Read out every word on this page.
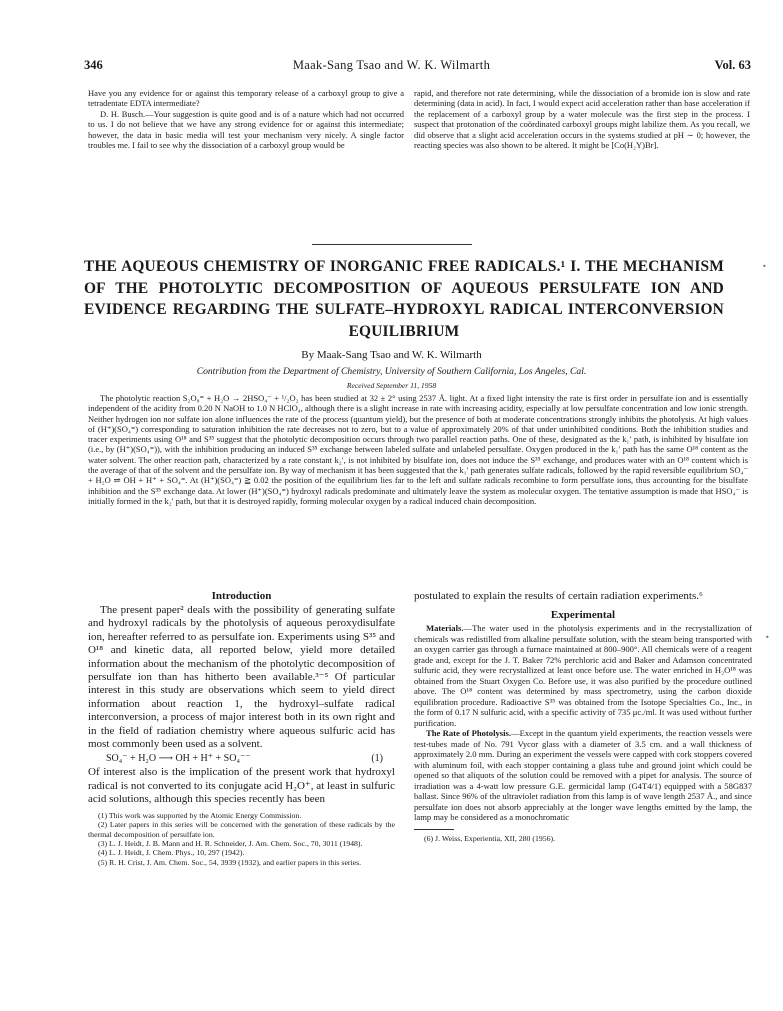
346	Maak-Sang Tsao and W. K. Wilmarth	Vol. 63

Have you any evidence for or against this temporary release of a carboxyl group to give a tetradentate EDTA intermediate?

D. H. Busch.—Your suggestion is quite good and is of a nature which had not occurred to us. I do not believe that we have any strong evidence for or against this intermediate; however, the data in basic media will test your mechanism very nicely. A single factor troubles me. I fail to see why the dissociation of a carboxyl group would be

rapid, and therefore not rate determining, while the dissociation of a bromide ion is slow and rate determining (data in acid). In fact, I would expect acid acceleration rather than base acceleration if the replacement of a carboxyl group by a water molecule was the first step in the process. I suspect that protonation of the coördinated carboxyl groups might labilize them. As you recall, we did observe that a slight acid acceleration occurs in the systems studied at pH ∼ 0; however, the reacting species was also shown to be altered. It might be [Co(H₂Y)Br].

THE AQUEOUS CHEMISTRY OF INORGANIC FREE RADICALS.¹ I. THE MECHANISM OF THE PHOTOLYTIC DECOMPOSITION OF AQUEOUS PERSULFATE ION AND EVIDENCE REGARDING THE SULFATE–HYDROXYL RADICAL INTERCONVERSION EQUILIBRIUM
By Maak-Sang Tsao and W. K. Wilmarth
Contribution from the Department of Chemistry, University of Southern California, Los Angeles, Cal.
Received September 11, 1958

The photolytic reaction S₂O₈⁼ + H₂O → 2HSO₄⁻ + ¹/₂O₂ has been studied at 32 ± 2° using 2537 Å. light. At a fixed light intensity the rate is first order in persulfate ion and is essentially independent of the acidity from 0.20 N NaOH to 1.0 N HClO₄, although there is a slight increase in rate with increasing acidity, especially at low persulfate concentration and low ionic strength. Neither hydrogen ion nor sulfate ion alone influences the rate of the process (quantum yield), but the presence of both at moderate concentrations strongly inhibits the photolysis. At high values of (H⁺)(SO₄⁼) corresponding to saturation inhibition the rate decreases not to zero, but to a value of approximately 20% of that under uninhibited conditions. Both the inhibition studies and tracer experiments using O¹⁸ and S³⁵ suggest that the photolytic decomposition occurs through two parallel reaction paths. One of these, designated as the k₁′ path, is inhibited by bisulfate ion (i.e., by (H⁺)(SO₄⁼)), with the inhibition producing an induced S³⁵ exchange between labeled sulfate and unlabeled persulfate. Oxygen produced in the k₁′ path has the same O¹⁸ content as the water solvent. The other reaction path, characterized by a rate constant k₂′, is not inhibited by bisulfate ion, does not induce the S³⁵ exchange, and produces water with an O¹⁸ content which is the average of that of the solvent and the persulfate ion. By way of mechanism it has been suggested that the k₁′ path generates sulfate radicals, followed by the rapid reversible equilibrium SO₄⁻ + H₂O ⇌ OH + H⁺ + SO₄⁼. At (H⁺)(SO₄⁼) ≧ 0.02 the position of the equilibrium lies far to the left and sulfate radicals recombine to form persulfate ions, thus accounting for the bisulfate inhibition and the S³⁵ exchange data. At lower (H⁺)(SO₄⁼) hydroxyl radicals predominate and ultimately leave the system as molecular oxygen. The tentative assumption is made that HSO₄⁻ is initially formed in the k₂′ path, but that it is destroyed rapidly, forming molecular oxygen by a radical induced chain decomposition.

Introduction

The present paper² deals with the possibility of generating sulfate and hydroxyl radicals by the photolysis of aqueous peroxydisulfate ion, hereafter referred to as persulfate ion. Experiments using S³⁵ and O¹⁸ and kinetic data, all reported below, yield more detailed information about the mechanism of the photolytic decomposition of persulfate ion than has hitherto been available.³⁻⁵ Of particular interest in this study are observations which seem to yield direct information about reaction 1, the hydroxyl–sulfate radical interconversion, a process of major interest both in its own right and in the field of radiation chemistry where aqueous sulfuric acid has most commonly been used as a solvent.

SO₄⁻ + H₂O ⟶ OH + H⁺ + SO₄⁻⁻	(1)

Of interest also is the implication of the present work that hydroxyl radical is not converted to its conjugate acid H₂O⁺, at least in sulfuric acid solutions, although this species recently has been

(1) This work was supported by the Atomic Energy Commission.

(2) Later papers in this series will be concerned with the generation of these radicals by the thermal decomposition of persulfate ion.

(3) L. J. Heidt, J. B. Mann and H. R. Schneider, J. Am. Chem. Soc., 70, 3011 (1948).

(4) L. J. Heidt, J. Chem. Phys., 10, 297 (1942).

(5) R. H. Crist, J. Am. Chem. Soc., 54, 3939 (1932), and earlier papers in this series.

postulated to explain the results of certain radiation experiments.⁶

Experimental

Materials.—The water used in the photolysis experiments and in the recrystallization of chemicals was redistilled from alkaline persulfate solution, with the steam being transported with an oxygen carrier gas through a furnace maintained at 800–900°. All chemicals were of a reagent grade and, except for the J. T. Baker 72% perchloric acid and Baker and Adamson concentrated sulfuric acid, they were recrystallized at least once before use. The water enriched in H₂O¹⁸ was obtained from the Stuart Oxygen Co. Before use, it was also purified by the procedure outlined above. The O¹⁸ content was determined by mass spectrometry, using the carbon dioxide equilibration procedure. Radioactive S³⁵ was obtained from the Isotope Specialties Co., Inc., in the form of 0.17 N sulfuric acid, with a specific activity of 735 μc./ml. It was used without further purification.

The Rate of Photolysis.—Except in the quantum yield experiments, the reaction vessels were test-tubes made of No. 791 Vycor glass with a diameter of 3.5 cm. and a wall thickness of approximately 2.0 mm. During an experiment the vessels were capped with cork stoppers covered with aluminum foil, with each stopper containing a glass tube and ground joint which could be opened so that aliquots of the solution could be removed with a pipet for analysis. The source of irradiation was a 4-watt low pressure G.E. germicidal lamp (G4T4/1) equipped with a 58G837 ballast. Since 96% of the ultraviolet radiation from this lamp is of wave length 2537 Å., and since persulfate ion does not absorb appreciably at the longer wave lengths emitted by the lamp, the lamp may be considered as a monochromatic

(6) J. Weiss, Experientia, XII, 280 (1956).

•
•
